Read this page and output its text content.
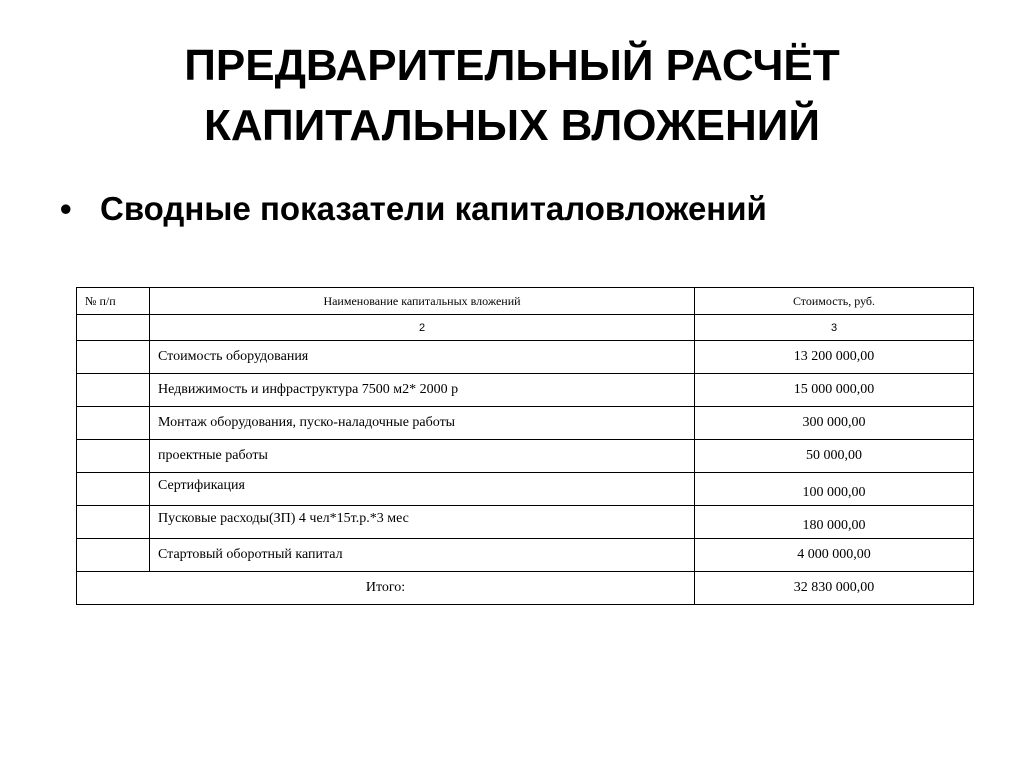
ПРЕДВАРИТЕЛЬНЫЙ РАСЧЁТ
КАПИТАЛЬНЫХ ВЛОЖЕНИЙ
• Сводные показатели капиталовложений
№ п/п	Наименование капитальных вложений	Стоимость, руб.
	2	3
	Стоимость оборудования	13 200 000,00
	Недвижимость и инфраструктура 7500 м2* 2000 р	15 000 000,00
	Монтаж оборудования, пуско-наладочные работы	300 000,00
	проектные работы	50 000,00
	Сертификация	100 000,00
	Пусковые расходы(ЗП) 4 чел*15т.р.*3 мес	180 000,00
	Стартовый оборотный капитал	4 000 000,00
Итого:		32 830 000,00
